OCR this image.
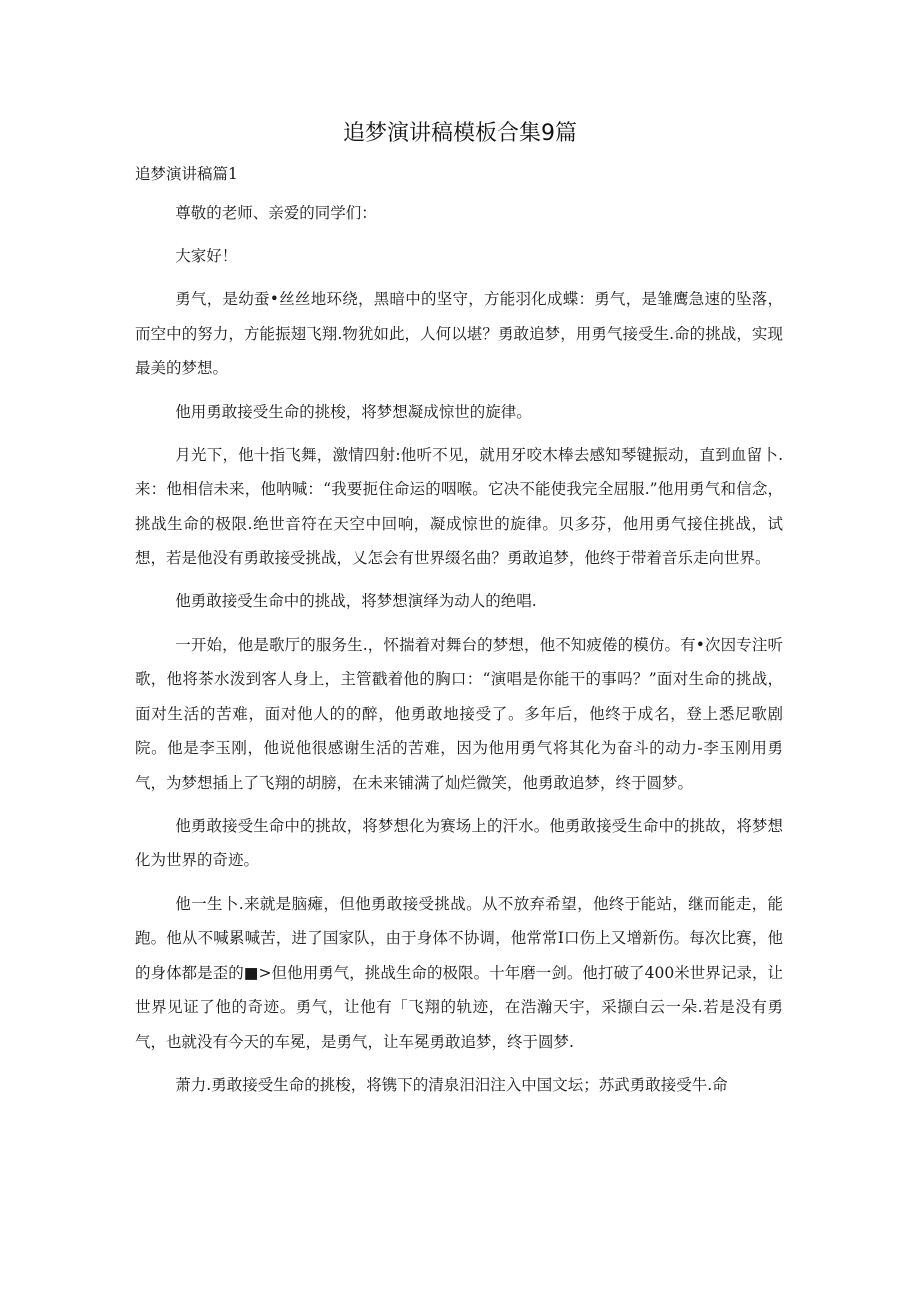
追梦演讲稿模板合集9篇
追梦演讲稿篇1

尊敬的老师、亲爱的同学们：

大家好！

勇气，是幼蚕•丝丝地环绕，黑暗中的坚守，方能羽化成蝶：勇气，是雏鹰急速的坠落，而空中的努力，方能振翅飞翔.物犹如此，人何以堪？勇敢追梦，用勇气接受生.命的挑战，实现最美的梦想。

他用勇敢接受生命的挑梭，将梦想凝成惊世的旋律。

月光下，他十指飞舞，激情四射:他听不见，就用牙咬木棒去感知琴键振动，直到血留卜.来：他相信未来，他呐喊：“我要扼住命运的咽喉。它决不能使我完全屈服.”他用勇气和信念，挑战生命的极限.绝世音符在天空中回响，凝成惊世的旋律。贝多芬，他用勇气接住挑战，试想，若是他没有勇敢接受挑战，乂怎会有世界缀名曲？勇敢追梦，他终于带着音乐走向世界。

他勇敢接受生命中的挑战，将梦想演绎为动人的绝唱.

一开始，他是歌厅的服务生.，怀揣着对舞台的梦想，他不知疲倦的模仿。有•次因专注听歌，他将茶水泼到客人身上，主管戳着他的胸口：“演唱是你能干的事吗？”面对生命的挑战，面对生活的苦难，面对他人的的醉，他勇敢地接受了。多年后，他终于成名，登上悉尼歌剧院。他是李玉刚，他说他很感谢生活的苦难，因为他用勇气将其化为奋斗的动力-李玉刚用勇气，为梦想插上了飞翔的胡膀，在未来铺满了灿烂微笑，他勇敢追梦，终于圆梦。

他勇敢接受生命中的挑故，将梦想化为赛场上的汗水。他勇敢接受生命中的挑故，将梦想化为世界的奇迹。

他一生卜.来就是脑瘫，但他勇敢接受挑战。从不放弃希望，他终于能站，继而能走，能跑。他从不喊累喊苦，进了国家队，由于身体不协调，他常常I口伤上又增新伤。每次比赛，他的身体都是歪的■>但他用勇气，挑战生命的极限。十年磨一剑。他打破了400米世界记录，让世界见证了他的奇迹。勇气，让他有「飞翔的轨迹，在浩瀚天宇，采撷白云一朵.若是没有勇气，也就没有今天的车冕，是勇气，让车冕勇敢追梦，终于圆梦.

萧力.勇敢接受生命的挑梭，将镌下的清泉汨汨注入中国文坛；苏武勇敢接受牛.命
